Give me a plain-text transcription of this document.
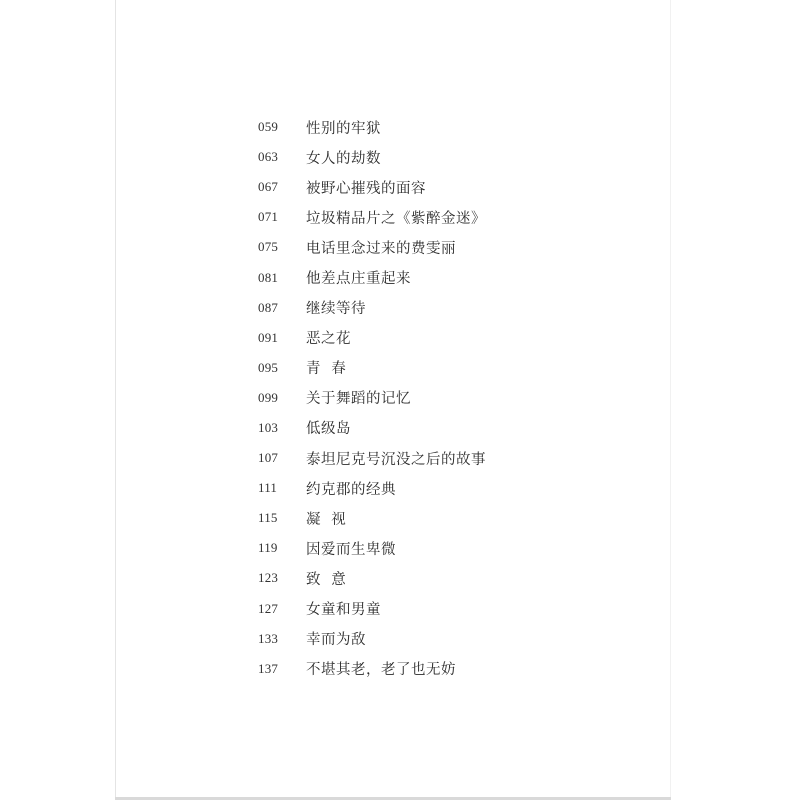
059	性别的牢狱
063	女人的劫数
067	被野心摧残的面容
071	垃圾精品片之《紫醉金迷》
075	电话里念过来的费雯丽
081	他差点庄重起来
087	继续等待
091	恶之花
095	青  春
099	关于舞蹈的记忆
103	低级岛
107	泰坦尼克号沉没之后的故事
111	约克郡的经典
115	凝  视
119	因爱而生卑微
123	致  意
127	女童和男童
133	幸而为敌
137	不堪其老，老了也无妨
